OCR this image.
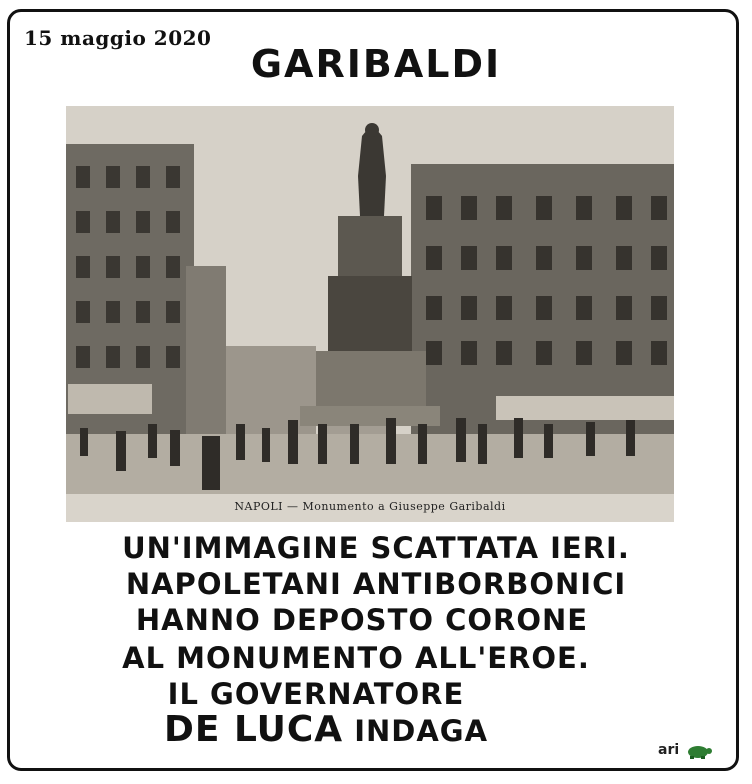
15 maggio 2020
GARIBALDI
NAPOLI — Monumento a Giuseppe Garibaldi
UN'IMMAGINE SCATTATA IERI.
NAPOLETANI ANTIBORBONICI
HANNO DEPOSTO CORONE
AL MONUMENTO ALL'EROE.
IL GOVERNATORE
DE LUCA INDAGA
ari
